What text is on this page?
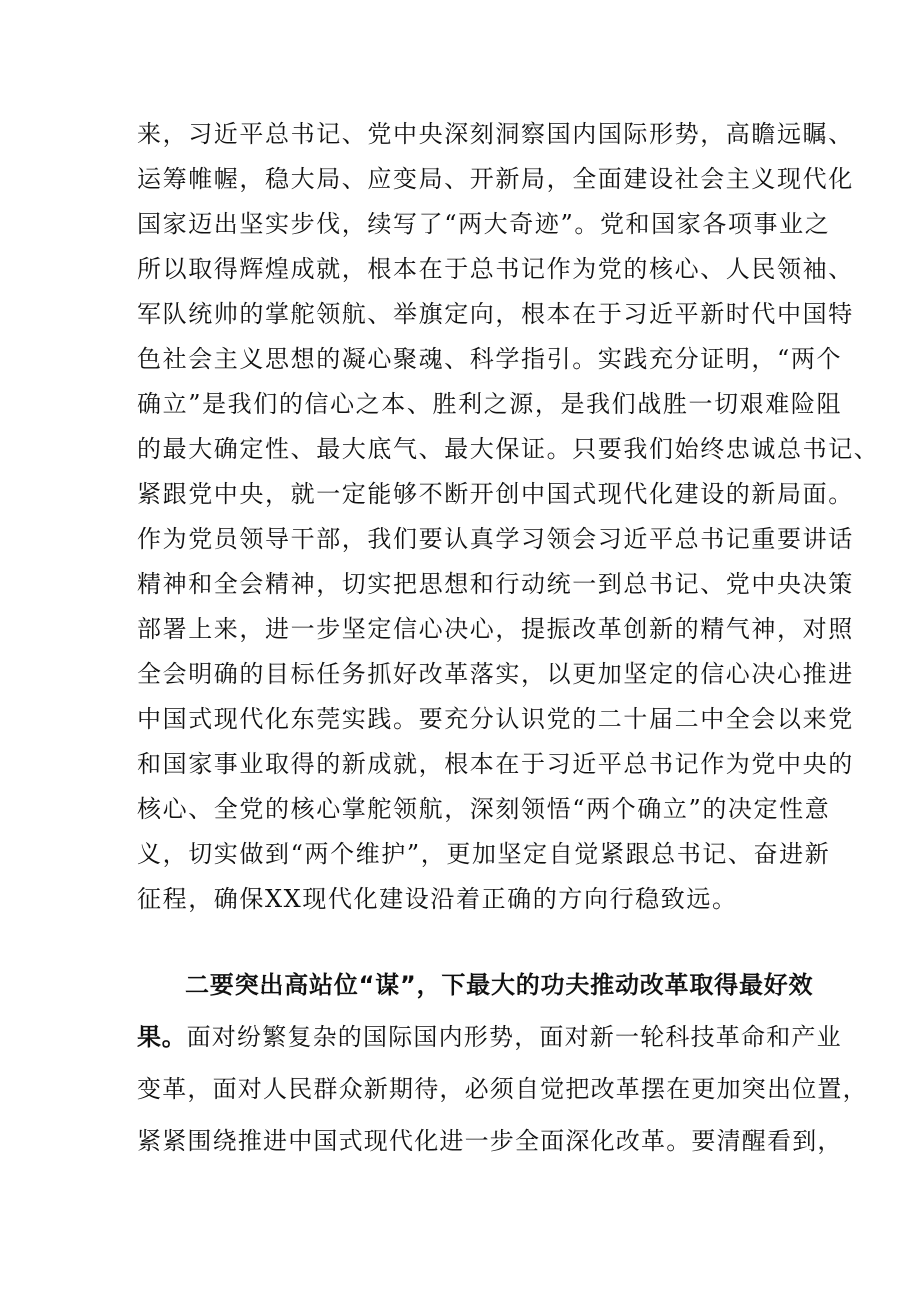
来，习近平总书记、党中央深刻洞察国内国际形势，高瞻远瞩、
运筹帷幄，稳大局、应变局、开新局，全面建设社会主义现代化
国家迈出坚实步伐，续写了“两大奇迹”。党和国家各项事业之
所以取得辉煌成就，根本在于总书记作为党的核心、人民领袖、
军队统帅的掌舵领航、举旗定向，根本在于习近平新时代中国特
色社会主义思想的凝心聚魂、科学指引。实践充分证明，“两个
确立”是我们的信心之本、胜利之源，是我们战胜一切艰难险阻
的最大确定性、最大底气、最大保证。只要我们始终忠诚总书记、
紧跟党中央，就一定能够不断开创中国式现代化建设的新局面。
作为党员领导干部，我们要认真学习领会习近平总书记重要讲话
精神和全会精神，切实把思想和行动统一到总书记、党中央决策
部署上来，进一步坚定信心决心，提振改革创新的精气神，对照
全会明确的目标任务抓好改革落实，以更加坚定的信心决心推进
中国式现代化东莞实践。要充分认识党的二十届二中全会以来党
和国家事业取得的新成就，根本在于习近平总书记作为党中央的
核心、全党的核心掌舵领航，深刻领悟“两个确立”的决定性意
义，切实做到“两个维护”，更加坚定自觉紧跟总书记、奋进新
征程，确保XX现代化建设沿着正确的方向行稳致远。
二要突出高站位“谋”，下最大的功夫推动改革取得最好效
果。面对纷繁复杂的国际国内形势，面对新一轮科技革命和产业
变革，面对人民群众新期待，必须自觉把改革摆在更加突出位置，
紧紧围绕推进中国式现代化进一步全面深化改革。要清醒看到，
